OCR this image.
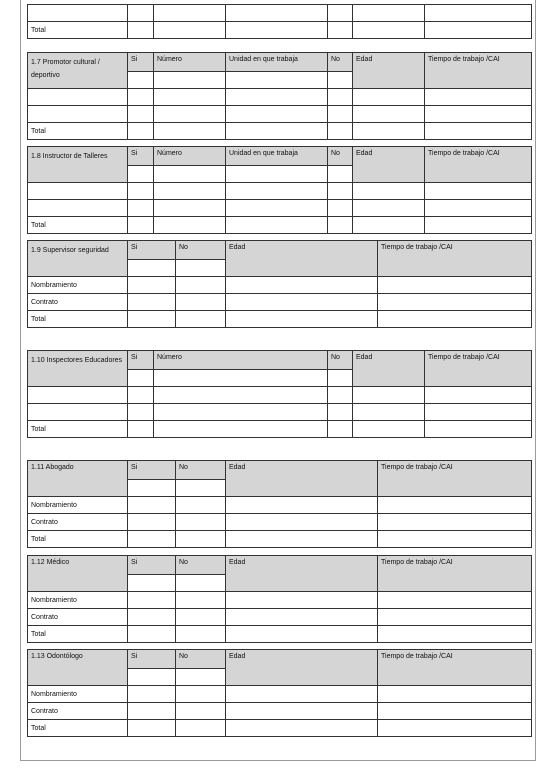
Total						
1.7 Promotor cultural / deportivo	Si	Número	Unidad en que trabaja	No	Edad	Tiempo de trabajo /CAI

Total						
1.8 Instructor de Talleres	Si	Número	Unidad en que trabaja	No	Edad	Tiempo de trabajo /CAI

Total						
1.9 Supervisor seguridad	Si	No	Edad	Tiempo de trabajo /CAI

Nombramiento				
Contrato				
Total				
1.10 Inspectores Educadores	Si	Número	No	Edad	Tiempo de trabajo /CAI

Total					
1.11 Abogado	Si	No	Edad	Tiempo de trabajo /CAI

Nombramiento				
Contrato				
Total				
1.12 Médico	Si	No	Edad	Tiempo de trabajo /CAI

Nombramiento				
Contrato				
Total				
1.13 Odontólogo	Si	No	Edad	Tiempo de trabajo /CAI

Nombramiento				
Contrato				
Total				
